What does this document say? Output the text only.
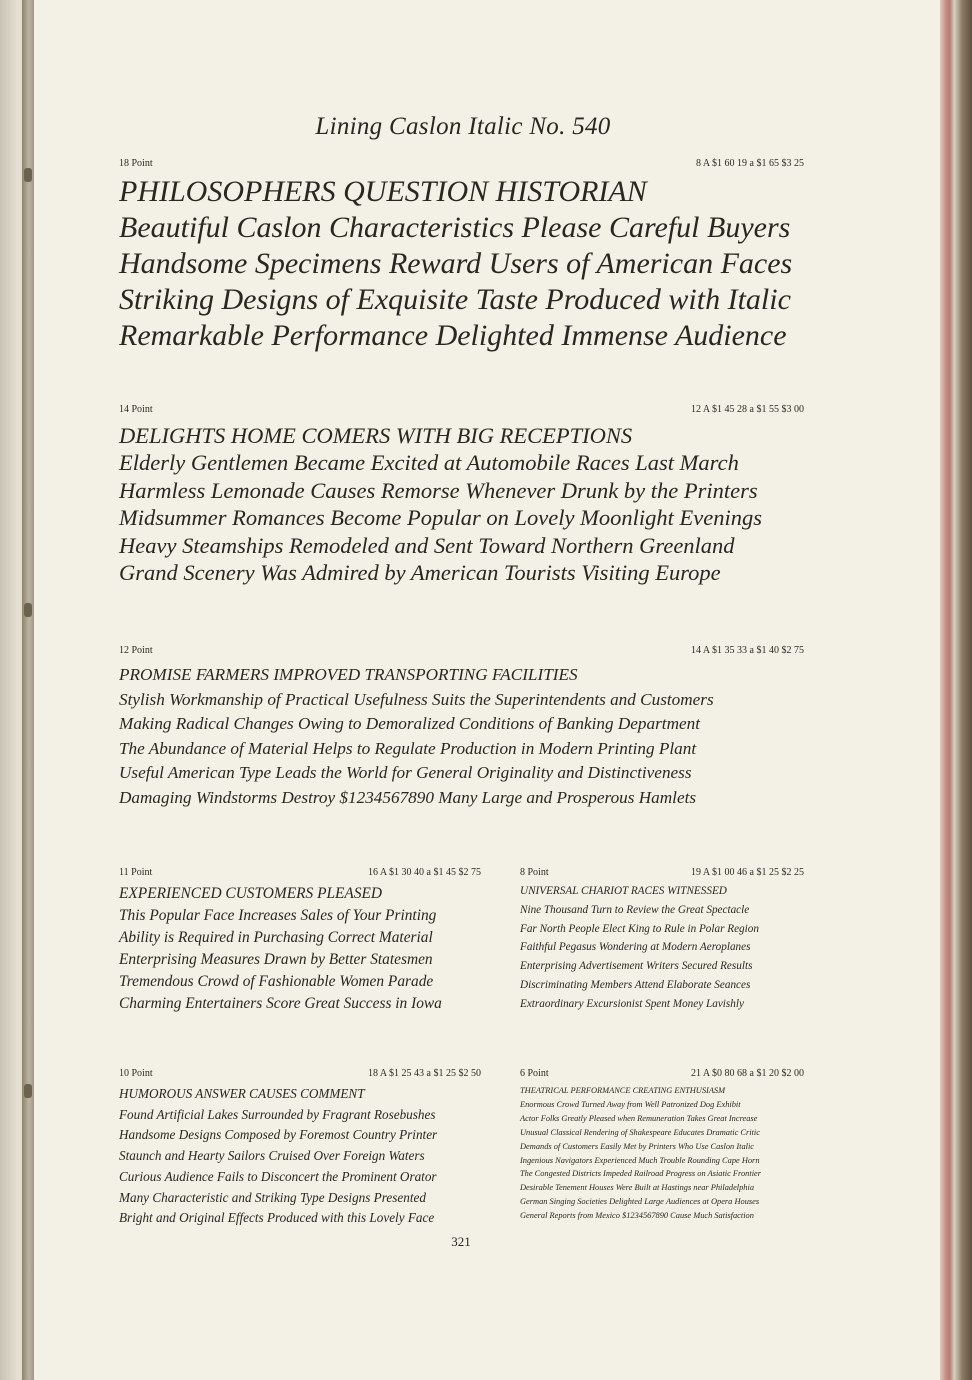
Lining Caslon Italic No. 540
18 Point	8 A $1 60 19 a $1 65 $3 25
PHILOSOPHERS QUESTION HISTORIAN
Beautiful Caslon Characteristics Please Careful Buyers
Handsome Specimens Reward Users of American Faces
Striking Designs of Exquisite Taste Produced with Italic
Remarkable Performance Delighted Immense Audience
14 Point	12 A $1 45 28 a $1 55 $3 00
DELIGHTS HOME COMERS WITH BIG RECEPTIONS
Elderly Gentlemen Became Excited at Automobile Races Last March
Harmless Lemonade Causes Remorse Whenever Drunk by the Printers
Midsummer Romances Become Popular on Lovely Moonlight Evenings
Heavy Steamships Remodeled and Sent Toward Northern Greenland
Grand Scenery Was Admired by American Tourists Visiting Europe
12 Point	14 A $1 35 33 a $1 40 $2 75
PROMISE FARMERS IMPROVED TRANSPORTING FACILITIES
Stylish Workmanship of Practical Usefulness Suits the Superintendents and Customers
Making Radical Changes Owing to Demoralized Conditions of Banking Department
The Abundance of Material Helps to Regulate Production in Modern Printing Plant
Useful American Type Leads the World for General Originality and Distinctiveness
Damaging Windstorms Destroy $1234567890 Many Large and Prosperous Hamlets
11 Point	16 A $1 30 40 a $1 45 $2 75
EXPERIENCED CUSTOMERS PLEASED
This Popular Face Increases Sales of Your Printing
Ability is Required in Purchasing Correct Material
Enterprising Measures Drawn by Better Statesmen
Tremendous Crowd of Fashionable Women Parade
Charming Entertainers Score Great Success in Iowa
8 Point	19 A $1 00 46 a $1 25 $2 25
UNIVERSAL CHARIOT RACES WITNESSED
Nine Thousand Turn to Review the Great Spectacle
Far North People Elect King to Rule in Polar Region
Faithful Pegasus Wondering at Modern Aeroplanes
Enterprising Advertisement Writers Secured Results
Discriminating Members Attend Elaborate Seances
Extraordinary Excursionist Spent Money Lavishly
10 Point	18 A $1 25 43 a $1 25 $2 50
HUMOROUS ANSWER CAUSES COMMENT
Found Artificial Lakes Surrounded by Fragrant Rosebushes
Handsome Designs Composed by Foremost Country Printer
Staunch and Hearty Sailors Cruised Over Foreign Waters
Curious Audience Fails to Disconcert the Prominent Orator
Many Characteristic and Striking Type Designs Presented
Bright and Original Effects Produced with this Lovely Face
6 Point	21 A $0 80 68 a $1 20 $2 00
THEATRICAL PERFORMANCE CREATING ENTHUSIASM
Enormous Crowd Turned Away from Well Patronized Dog Exhibit
Actor Folks Greatly Pleased when Remuneration Takes Great Increase
Unusual Classical Rendering of Shakespeare Educates Dramatic Critic
Demands of Customers Easily Met by Printers Who Use Caslon Italic
Ingenious Navigators Experienced Much Trouble Rounding Cape Horn
The Congested Districts Impeded Railroad Progress on Asiatic Frontier
Desirable Tenement Houses Were Built at Hastings near Philadelphia
German Singing Societies Delighted Large Audiences at Opera Houses
General Reports from Mexico $1234567890 Cause Much Satisfaction
321
